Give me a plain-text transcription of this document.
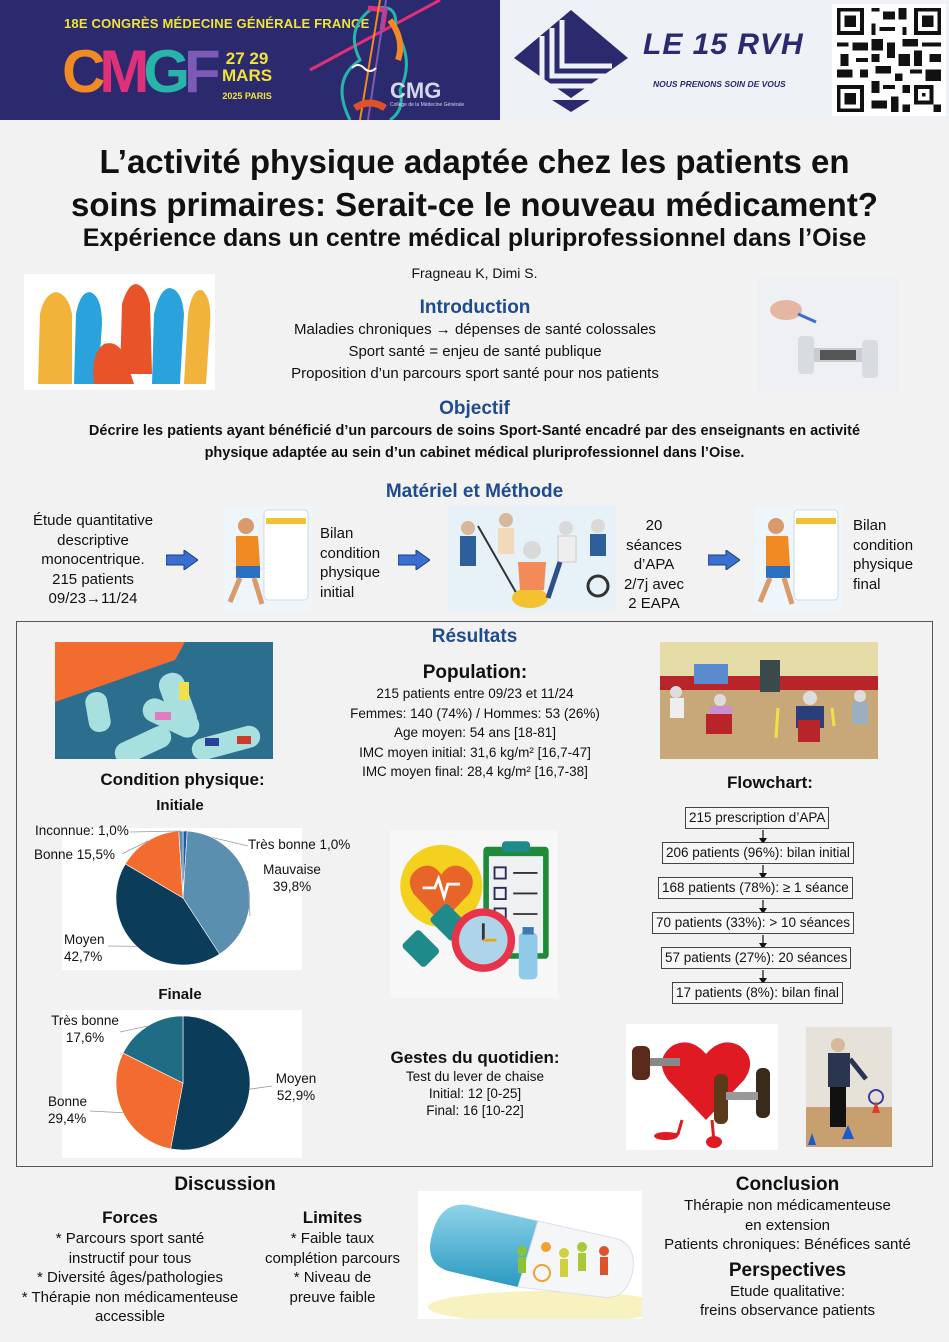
18E CONGRÈS MÉDECINE GÉNÉRALE FRANCE
CMGF 27 29
MARS
2025 PARIS	CMG
Collège de la Médecine Générale
LE 15 RVH
NOUS PRENONS SOIN DE VOUS
L’activité physique adaptée chez les patients en
soins primaires: Serait-ce le nouveau médicament?
Expérience dans un centre médical pluriprofessionnel dans l’Oise
Fragneau K, Dimi S.
Introduction
Maladies chroniques → dépenses de santé colossales
Sport santé = enjeu de santé publique
Proposition d’un parcours sport santé pour nos patients
Objectif
Décrire les patients ayant bénéficié d’un parcours de soins Sport-Santé encadré par des enseignants en activité
physique adaptée au sein d’un cabinet médical pluriprofessionnel dans l’Oise.
Matériel et Méthode
Étude quantitative
descriptive
monocentrique.
215 patients
09/23→11/24
Bilan
condition
physique
initial
20
séances
d’APA
2/7j avec
2 EAPA
Bilan
condition
physique
final
Résultats
Population:
215 patients entre 09/23 et 11/24
Femmes: 140 (74%) / Hommes: 53 (26%)
Age moyen: 54 ans [18-81]
IMC moyen initial: 31,6 kg/m² [16,7-47]
IMC moyen final: 28,4 kg/m² [16,7-38]
Condition physique:
Initiale
Très bonne 1,0%
Mauvaise
39,8%
Moyen
42,7%
Bonne 15,5%
Inconnue: 1,0%
Finale
Moyen
52,9%
Bonne
29,4%
Très bonne
17,6%
Flowchart:
215 prescription d’APA
206 patients (96%): bilan initial
168 patients (78%): ≥ 1 séance
70 patients (33%): > 10 séances
57 patients (27%): 20 séances
17 patients (8%): bilan final
Gestes du quotidien:
Test du lever de chaise
Initial: 12 [0-25]
Final: 16 [10-22]
Discussion
Forces
* Parcours sport santé
instructif pour tous
* Diversité âges/pathologies
* Thérapie non médicamenteuse
accessible
Limites
* Faible taux
complétion parcours
* Niveau de
preuve faible
Conclusion
Thérapie non médicamenteuse
en extension
Patients chroniques: Bénéfices santé
Perspectives
Etude qualitative:
freins observance patients
